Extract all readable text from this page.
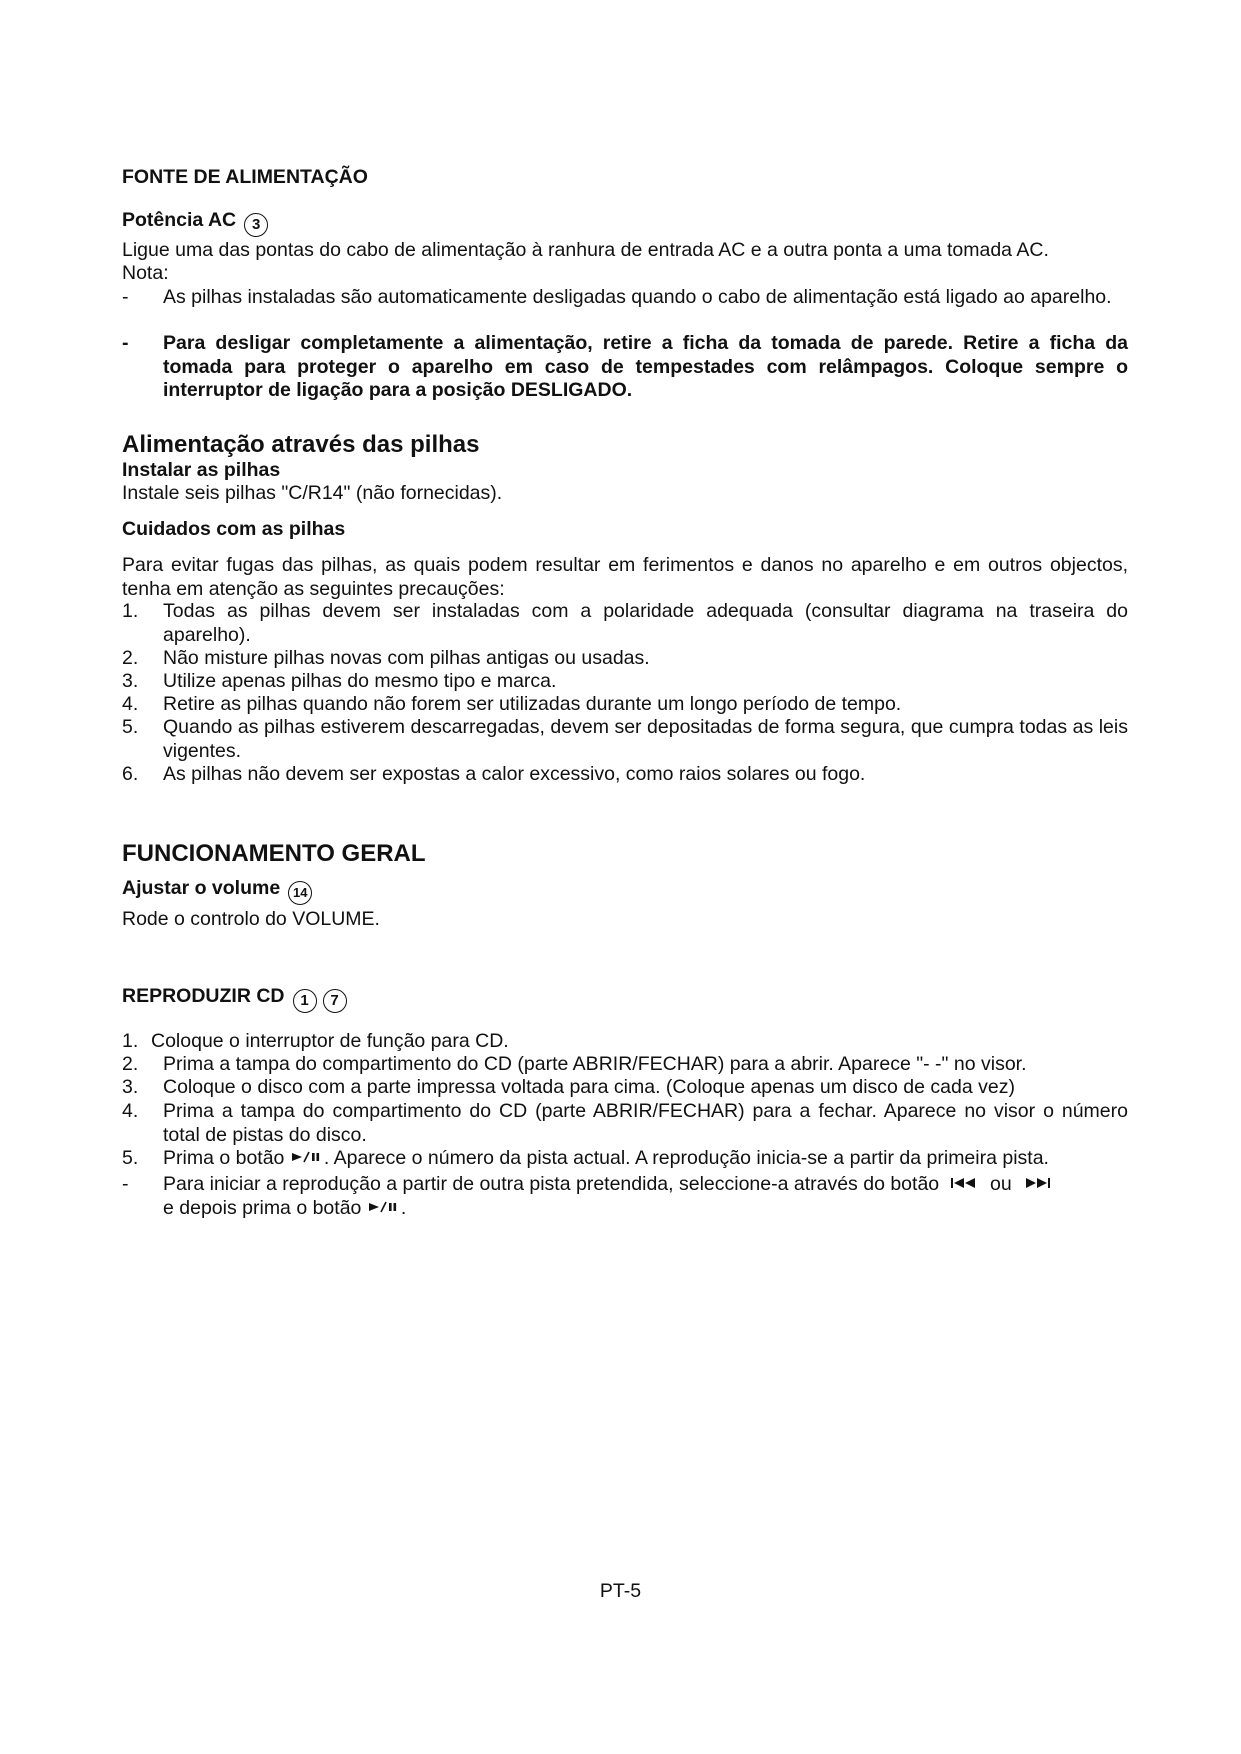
FONTE DE ALIMENTAÇÃO
Potência AC 3
Ligue uma das pontas do cabo de alimentação à ranhura de entrada AC e a outra ponta a uma tomada AC.
Nota:
- As pilhas instaladas são automaticamente desligadas quando o cabo de alimentação está ligado ao aparelho.
- Para desligar completamente a alimentação, retire a ficha da tomada de parede. Retire a ficha da tomada para proteger o aparelho em caso de tempestades com relâmpagos. Coloque sempre o interruptor de ligação para a posição DESLIGADO.
Alimentação através das pilhas
Instalar as pilhas
Instale seis pilhas "C/R14" (não fornecidas).
Cuidados com as pilhas
Para evitar fugas das pilhas, as quais podem resultar em ferimentos e danos no aparelho e em outros objectos, tenha em atenção as seguintes precauções:
1. Todas as pilhas devem ser instaladas com a polaridade adequada (consultar diagrama na traseira do aparelho).
2. Não misture pilhas novas com pilhas antigas ou usadas.
3. Utilize apenas pilhas do mesmo tipo e marca.
4. Retire as pilhas quando não forem ser utilizadas durante um longo período de tempo.
5. Quando as pilhas estiverem descarregadas, devem ser depositadas de forma segura, que cumpra todas as leis vigentes.
6. As pilhas não devem ser expostas a calor excessivo, como raios solares ou fogo.
FUNCIONAMENTO GERAL
Ajustar o volume 14
Rode o controlo do VOLUME.
REPRODUZIR CD 1 7
1. Coloque o interruptor de função para CD.
2. Prima a tampa do compartimento do CD (parte ABRIR/FECHAR) para a abrir. Aparece "- -" no visor.
3. Coloque o disco com a parte impressa voltada para cima. (Coloque apenas um disco de cada vez)
4. Prima a tampa do compartimento do CD (parte ABRIR/FECHAR) para a fechar. Aparece no visor o número total de pistas do disco.
5. Prima o botão . Aparece o número da pista actual. A reprodução inicia-se a partir da primeira pista.
- Para iniciar a reprodução a partir de outra pista pretendida, seleccione-a através do botão	ou
e depois prima o botão .
PT-5
